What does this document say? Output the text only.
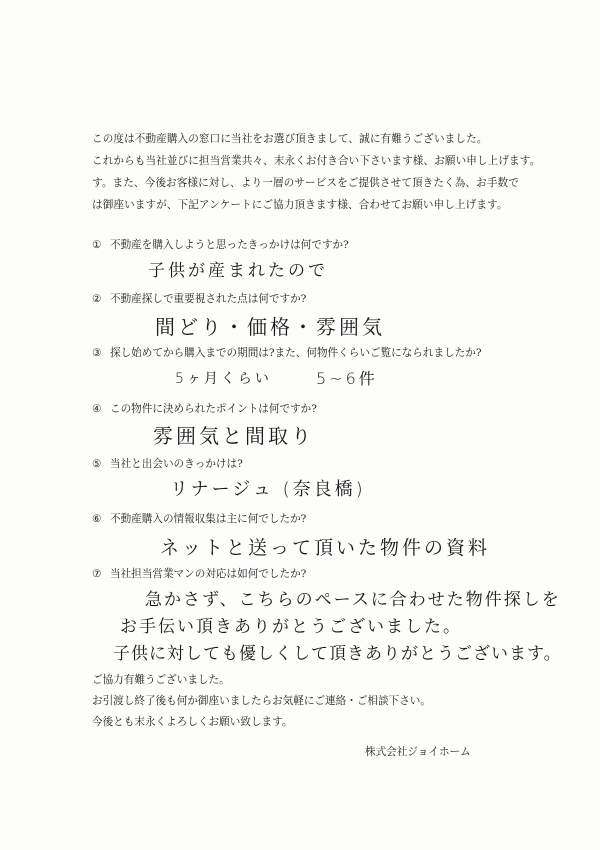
この度は不動産購入の窓口に当社をお選び頂きまして、誠に有難うございました。

これからも当社並びに担当営業共々、末永くお付き合い下さいます様、お願い申し上げます。

す。また、今後お客様に対し、より一層のサービスをご提供させて頂きたく為、お手数で

は御座いますが、下記アンケートにご協力頂きます様、合わせてお願い申し上げます。

① 不動産を購入しようと思ったきっかけは何ですか?
子供が産まれたので
② 不動産探しで重要視された点は何ですか?
間どり・価格・雰囲気
③ 探し始めてから購入までの期間は?また、何物件くらいご覧になられましたか?
5ヶ月くらい	5~6件
④ この物件に決められたポイントは何ですか?
雰囲気と間取り
⑤ 当社と出会いのきっかけは?
リナージュ (奈良橋)
⑥ 不動産購入の情報収集は主に何でしたか?
ネットと送って頂いた物件の資料
⑦ 当社担当営業マンの対応は如何でしたか?
急かさず、こちらのペースに合わせた物件探しを
お手伝い頂きありがとうございました。
子供に対しても優しくして頂きありがとうございます。

ご協力有難うございました。

お引渡し終了後も何か御座いましたらお気軽にご連絡・ご相談下さい。

今後とも末永くよろしくお願い致します。

株式会社ジョイホーム
